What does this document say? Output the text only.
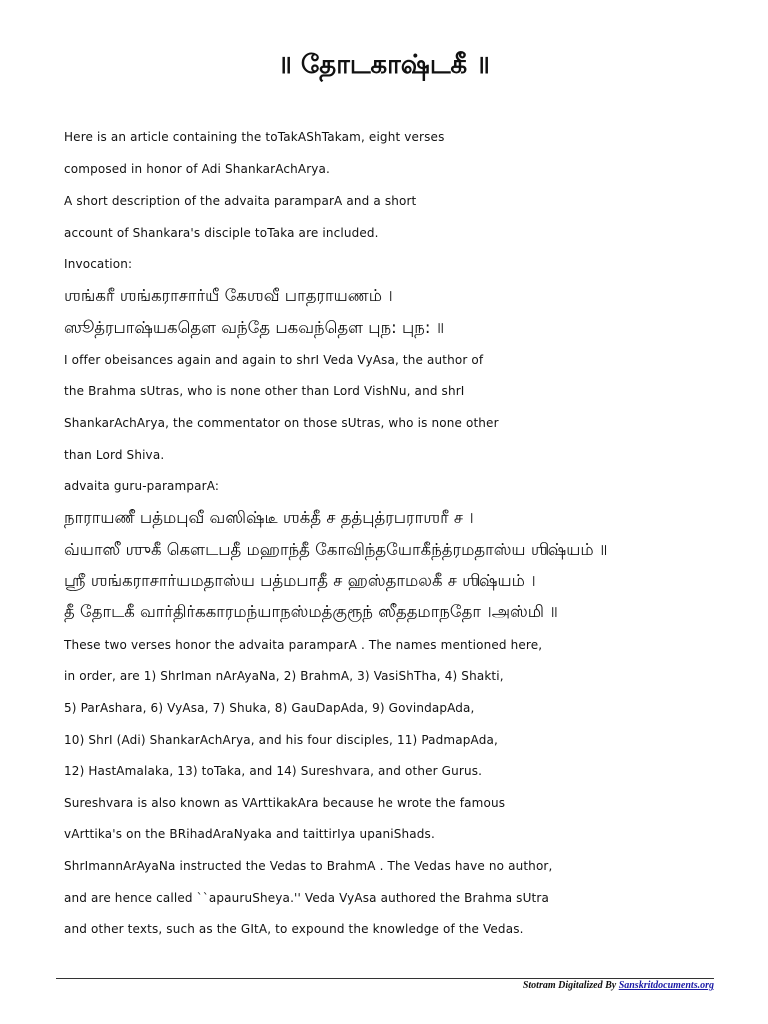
॥ தோடகாஷ்டகீ ॥
Here is an article containing the toTakAShTakam, eight verses
composed in honor of Adi ShankarAchArya.
A short description of the advaita paramparA and a short
account of Shankara's disciple toTaka are included.
Invocation:
ஶங்கரீ ஶங்கராசார்யீ கேஶவீ பாதராயணம் ।
ஸூத்ரபாஷ்யகதௌ வந்தே பகவந்தௌ புந꞉ புந꞉ ॥
I offer obeisances again and again to shrI Veda VyAsa, the author of
the Brahma sUtras, who is none other than Lord VishNu, and shrI
ShankarAchArya, the commentator on those sUtras, who is none other
than Lord Shiva.
advaita guru-paramparA:
நாராயணீ பத்மபுவீ வஸிஷ்டீ ஶக்தீ ச தத்புத்ரபராஶரீ ச ।
வ்யாஸீ ஶுகீ கௌடபதீ மஹாந்தீ கோவிந்தயோகீந்த்ரமதாஸ்ய ஶிஷ்யம் ॥
ஶ்ரீ ஶங்கராசார்யமதாஸ்ய பத்மபாதீ ச ஹஸ்தாமலகீ ச ஶிஷ்யம் ।
தீ தோடகீ வார்திர்ககாரமந்யாநஸ்மத்குரூந் ஸீததமாநதோ ।அஸ்மி ॥
These two verses honor the advaita paramparA . The names mentioned here,
in order, are 1) ShrIman nArAyaNa, 2) BrahmA, 3) VasiShTha, 4) Shakti,
5) ParAshara, 6) VyAsa, 7) Shuka, 8) GauDapAda, 9) GovindapAda,
10) ShrI (Adi) ShankarAchArya, and his four disciples, 11) PadmapAda,
12) HastAmalaka, 13) toTaka, and 14) Sureshvara, and other Gurus.
Sureshvara is also known as VArttikakAra because he wrote the famous
vArttika's on the BRihadAraNyaka and taittirIya upaniShads.
ShrImannArAyaNa instructed the Vedas to BrahmA . The Vedas have no author,
and are hence called ``apauruSheya.'' Veda VyAsa authored the Brahma sUtra
and other texts, such as the GItA, to expound the knowledge of the Vedas.
Stotram Digitalized By Sanskritdocuments.org
